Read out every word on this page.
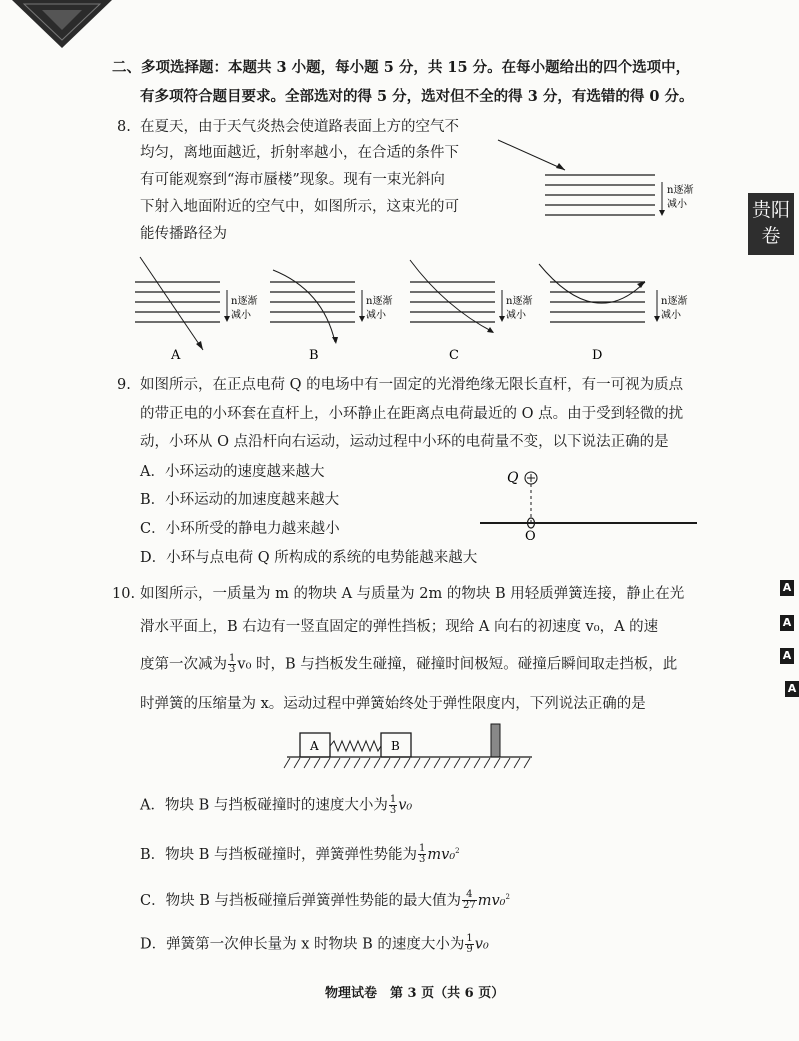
贵阳
卷
A
A
A
A
二、多项选择题：本题共 3 小题，每小题 5 分，共 15 分。在每小题给出的四个选项中，
有多项符合题目要求。全部选对的得 5 分，选对但不全的得 3 分，有选错的得 0 分。
8. 在夏天，由于天气炎热会使道路表面上方的空气不
均匀，离地面越近，折射率越小，在合适的条件下
有可能观察到“海市蜃楼”现象。现有一束光斜向
下射入地面附近的空气中，如图所示，这束光的可
能传播路径为
n逐渐
减小
n逐渐
减小
A
n逐渐
减小
B
n逐渐
减小
C
n逐渐
减小
D
9. 如图所示，在正点电荷 Q 的电场中有一固定的光滑绝缘无限长直杆，有一可视为质点
的带正电的小环套在直杆上，小环静止在距离点电荷最近的 O 点。由于受到轻微的扰
动，小环从 O 点沿杆向右运动，运动过程中小环的电荷量不变，以下说法正确的是
A．小环运动的速度越来越大
B．小环运动的加速度越来越大
C．小环所受的静电力越来越小
D．小环与点电荷 Q 所构成的系统的电势能越来越大
Q
O
10. 如图所示，一质量为 m 的物块 A 与质量为 2m 的物块 B 用轻质弹簧连接，静止在光
滑水平面上，B 右边有一竖直固定的弹性挡板；现给 A 向右的初速度 v₀，A 的速
度第一次减为 $\frac{1}{3} v_0$ 时，B 与挡板发生碰撞，碰撞时间极短。碰撞后瞬间取走挡板，此
时弹簧的压缩量为 x。运动过程中弹簧始终处于弹性限度内，下列说法正确的是
A	B
A．物块 B 与挡板碰撞时的速度大小为 $\frac{1}{3} v_0$
B．物块 B 与挡板碰撞时，弹簧弹性势能为 $\frac{1}{3} mv_0^2$
C．物块 B 与挡板碰撞后弹簧弹性势能的最大值为 $\frac{4}{27} mv_0^2$
D．弹簧第一次伸长量为 x 时物块 B 的速度大小为 $\frac{1}{9} v_0$
物理试卷　第 3 页（共 6 页）
